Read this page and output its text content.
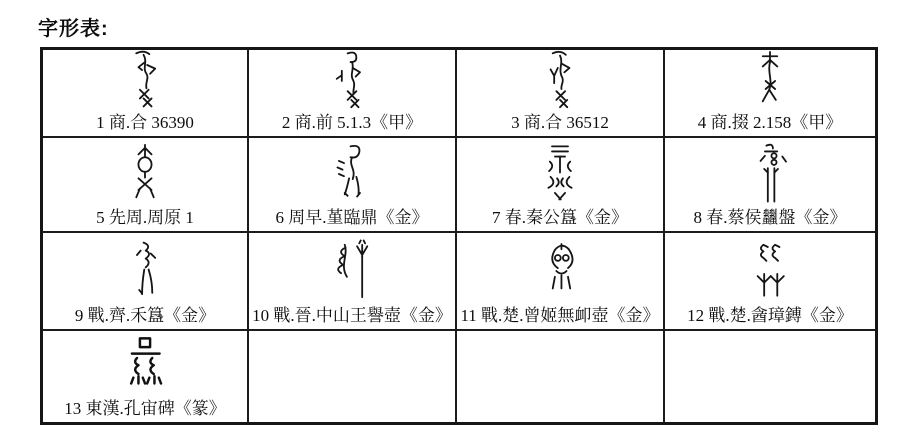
字形表:
1 商.合 36390	2 商.前 5.1.3《甲》	3 商.合 36512	4 商.掇 2.158《甲》
5 先周.周原 1	6 周早.堇臨鼎《金》	7 春.秦公簋《金》	8 春.蔡侯蠿盤《金》
9 戰.齊.禾簋《金》 10 戰.晉.中山王譽壺《金》 11 戰.楚.曾姬無卹壺《金》 12 戰.楚.酓璋鎛《金》
13 東漢.孔宙碑《篆》
